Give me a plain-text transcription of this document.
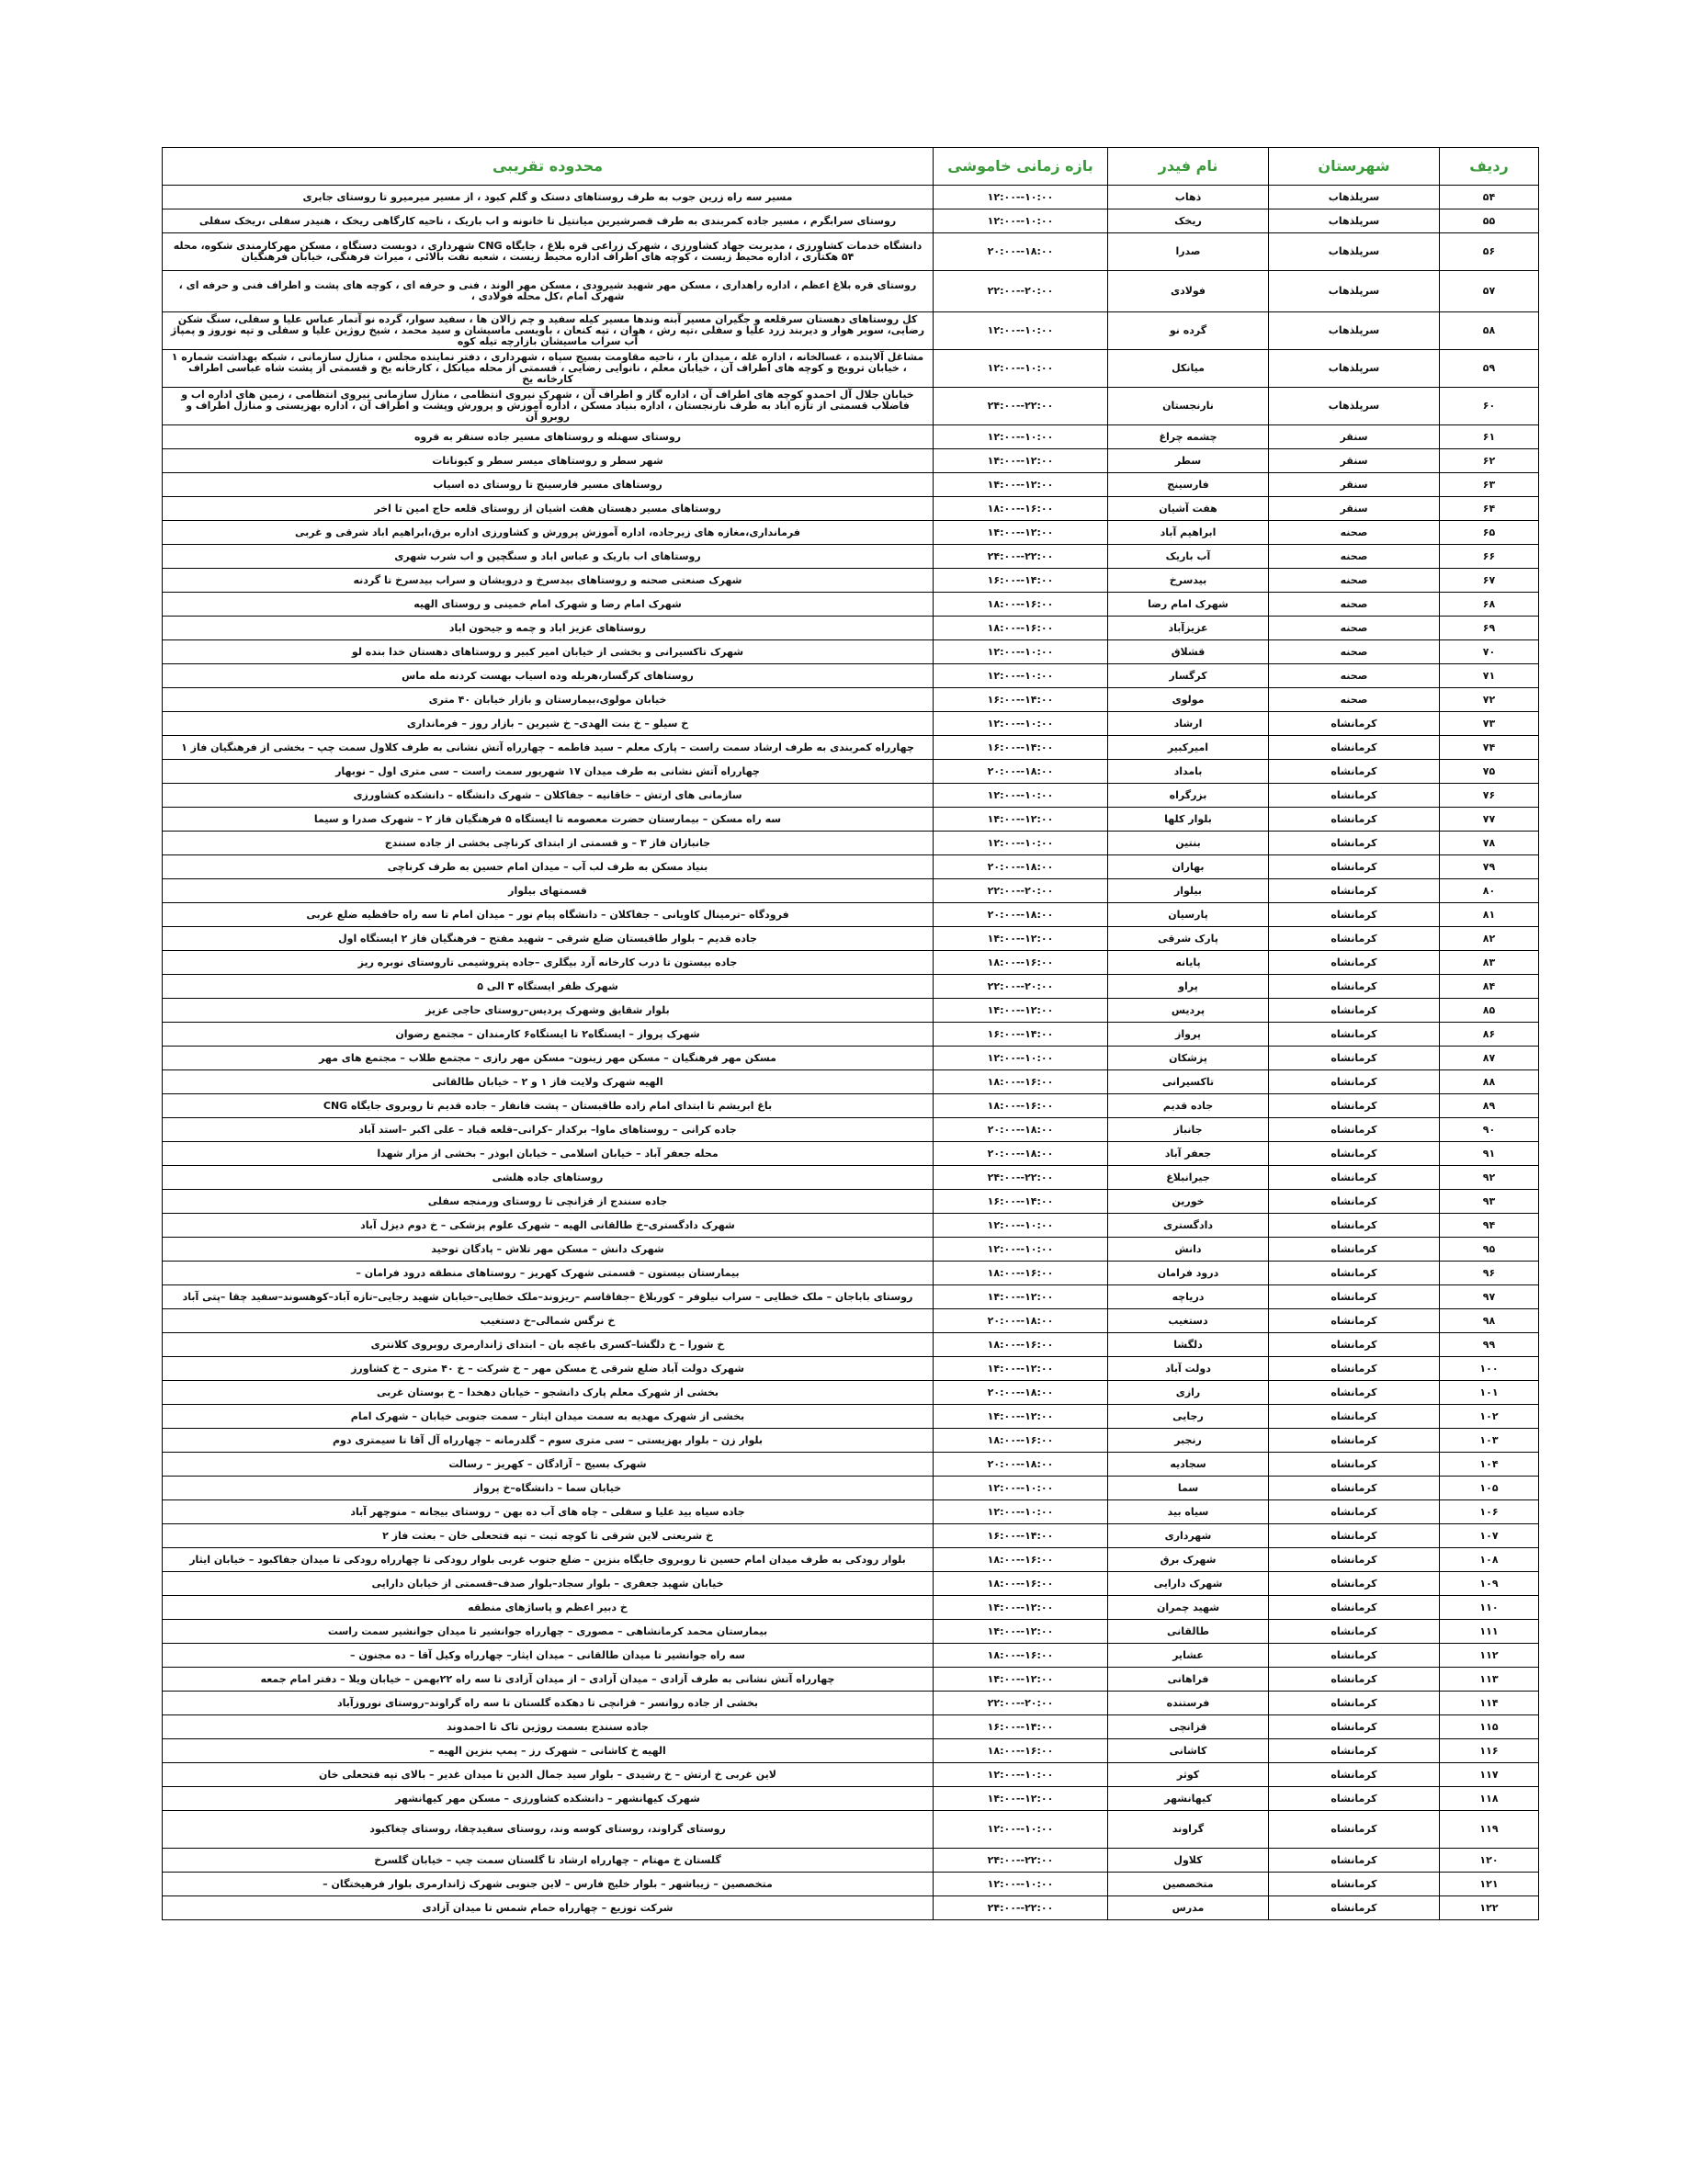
ردیف	شهرستان	نام فیدر	بازه زمانی خاموشی	محدوده تقریبی
۵۴	سرپلذهاب	ذهاب	۱۰:۰۰--۱۲:۰۰	مسیر سه راه زرین جوب به طرف روستاهای دستک و گلم کبود ، از مسیر میرمیرو تا روستای جابری
۵۵	سرپلذهاب	ریخک	۱۰:۰۰--۱۲:۰۰	روستای سرابگرم ، مسیر جاده کمربندی به طرف قصرشیرین میانتیل تا خانونه و اب باریک ، ناحیه کارگاهی ریخک ، هنیدر سفلی ،ریخک سفلی
۵۶	سرپلذهاب	صدرا	۱۸:۰۰--۲۰:۰۰	دانشگاه خدمات کشاورزی ، مدیریت جهاد کشاورزی ، شهرک زراعی قره بلاغ ، جایگاه CNG شهرداری ، دوبست دستگاه ، مسکن مهرکارمندی شکوه، محله ۵۴ هکتاری ، اداره محیط زیست ، کوچه های اطراف اداره محیط زیست ، شعبه نفت بالائی ، میراث فرهنگی، خیابان فرهنگیان
۵۷	سرپلذهاب	فولادی	۲۰:۰۰--۲۲:۰۰	روستای قره بلاغ اعظم ، اداره راهداری ، مسکن مهر شهید شیرودی ، مسکن مهر الوند ، فنی و حرفه ای ، کوچه های پشت و اطراف فنی و حرفه ای ، شهرک امام ،کل محله فولادی ،
۵۸	سرپلذهاب	گرده نو	۱۰:۰۰--۱۲:۰۰	کل روستاهای دهستان سرقلعه و جگیران مسیر آبنه وندها مسیر کیله سفید و چم زالان ها ، سفید سوار، گرده نو آتمار عباس علیا و سفلی، سنگ شکن رضایی، سوبر هوار و دیربند زرد علیا و سفلی ،تپه رش ، هوان ، تپه کنعان ، باویسی ماسیشان و سید محمد ، شیخ روژین علیا و سفلی و تپه نوروز و پمپاژ آب سراب ماسیشان بازارچه تیله کوه
۵۹	سرپلذهاب	میانکل	۱۰:۰۰--۱۲:۰۰	مشاغل آلاینده ، غسالخانه ، اداره غله ، میدان بار ، ناحیه مقاومت بسیج سپاه ، شهرداری ، دفتر نماینده مجلس ، منازل سازمانی ، شبکه بهداشت شماره ۱ ، خیابان ترویج و کوچه های اطراف آن ، خیابان معلم ، نانوایی رضایی ، قسمتی از محله میانکل ، کارخانه یخ و قسمتی از پشت شاه عباسی اطراف کارخانه یخ
۶۰	سرپلذهاب	نارنجستان	۲۲:۰۰--۲۴:۰۰	خیابان جلال آل احمدو کوچه های اطراف آن ، اداره گاز و اطراف آن ، شهرک نیروی انتظامی ، منازل سازمانی نیروی انتظامی ، زمین های اداره اب و فاضلاب قسمتی از تازه اباد به طرف نارنجستان ، اداره بنیاد مسکن ، اداره آموزش و پرورش وپشت و اطراف آن ، اداره بهزیستی و منازل اطراف و روبرو آن
۶۱	سنقر	چشمه چراغ	۱۰:۰۰--۱۲:۰۰	روستای سهنله و روستاهای مسیر جاده سنقر به قروه
۶۲	سنقر	سطر	۱۲:۰۰--۱۴:۰۰	شهر سطر و روستاهای میسر سطر و کیونانات
۶۳	سنقر	فارسینج	۱۲:۰۰--۱۴:۰۰	روستاهای مسیر فارسینج تا روستای ده اسیاب
۶۴	سنقر	هفت آشیان	۱۶:۰۰--۱۸:۰۰	روستاهای مسیر دهستان هفت اشیان از روستای قلعه حاج امین تا اخر
۶۵	صحنه	ابراهیم آباد	۱۲:۰۰--۱۴:۰۰	فرمانداری،مغازه های زیرجاده، اداره آموزش پرورش و کشاورزی اداره برق،ابراهیم اباد شرقی و غربی
۶۶	صحنه	آب باریک	۲۲:۰۰--۲۴:۰۰	روستاهای اب باریک و عباس اباد و سنگچین و اب شرب شهری
۶۷	صحنه	بیدسرخ	۱۴:۰۰--۱۶:۰۰	شهرک صنعتی صحنه و روستاهای بیدسرخ و درویشان و سراب بیدسرخ تا گردنه
۶۸	صحنه	شهرک امام رضا	۱۶:۰۰--۱۸:۰۰	شهرک امام رضا و شهرک امام خمینی و روستای الهیه
۶۹	صحنه	عزیزآباد	۱۶:۰۰--۱۸:۰۰	روستاهای عزیز اباد و چمه و جیحون اباد
۷۰	صحنه	قشلاق	۱۰:۰۰--۱۲:۰۰	شهرک تاکسیرانی و بخشی از خیابان امیر کبیر و روستاهای دهستان خدا بنده لو
۷۱	صحنه	کرگسار	۱۰:۰۰--۱۲:۰۰	روستاهای کرگسار،هربله وده اسیاب بهست کردنه مله ماس
۷۲	صحنه	مولوی	۱۴:۰۰--۱۶:۰۰	خیابان مولوی،بیمارستان و بازار خیابان ۴۰ متری
۷۳	کرمانشاه	ارشاد	۱۰:۰۰--۱۲:۰۰	خ سیلو – خ بنت الهدی– خ شیرین – بازار روز – فرمانداری
۷۴	کرمانشاه	امیرکبیر	۱۴:۰۰--۱۶:۰۰	چهارراه کمربندی به طرف ارشاد سمت راست – پارک معلم – سید فاطمه – چهارراه آتش نشانی به طرف کلاول سمت چپ – بخشی از فرهنگیان فاز ۱
۷۵	کرمانشاه	بامداد	۱۸:۰۰--۲۰:۰۰	چهارراه آتش نشانی به طرف میدان ۱۷ شهریور سمت راست – سی متری اول – نوبهار
۷۶	کرمانشاه	بزرگراه	۱۰:۰۰--۱۲:۰۰	سازمانی های ارتش – خاقانیه – جفاکلان – شهرک دانشگاه – دانشکده کشاورزی
۷۷	کرمانشاه	بلوار کلها	۱۲:۰۰--۱۴:۰۰	سه راه مسکن – بیمارستان حضرت معصومه تا ایستگاه ۵ فرهنگیان فاز ۲ – شهرک صدرا و سیما
۷۸	کرمانشاه	بنتین	۱۰:۰۰--۱۲:۰۰	جانبازان فاز ۳ – و قسمتی از ابتدای کرناچی بخشی از جاده سنندج
۷۹	کرمانشاه	بهاران	۱۸:۰۰--۲۰:۰۰	بنیاد مسکن به طرف لب آب – میدان امام حسین به طرف کرناچی
۸۰	کرمانشاه	بیلوار	۲۰:۰۰--۲۲:۰۰	قسمتهای بیلوار
۸۱	کرمانشاه	پارسیان	۱۸:۰۰--۲۰:۰۰	فرودگاه –ترمینال کاویانی – جفاکلان – دانشگاه پیام نور – میدان امام تا سه راه حافظیه ضلع غربی
۸۲	کرمانشاه	پارک شرقی	۱۲:۰۰--۱۴:۰۰	جاده قدیم – بلوار طاقبستان ضلع شرقی – شهید مفتح – فرهنگیان فاز ۲ ایستگاه اول
۸۳	کرمانشاه	پایانه	۱۶:۰۰--۱۸:۰۰	جاده بیستون تا درب کارخانه آرد بیگلری –جاده پتروشیمی تاروستای نوبره ریز
۸۴	کرمانشاه	پراو	۲۰:۰۰--۲۲:۰۰	شهرک ظفر ایستگاه ۳ الی ۵
۸۵	کرمانشاه	پردیس	۱۲:۰۰--۱۴:۰۰	بلوار شقایق وشهرک پردیس–روستای حاجی عزیز
۸۶	کرمانشاه	پرواز	۱۴:۰۰--۱۶:۰۰	شهرک پرواز – ایستگاه۲ تا ایستگاه۶ کارمندان – مجتمع رضوان
۸۷	کرمانشاه	پزشکان	۱۰:۰۰--۱۲:۰۰	مسکن مهر فرهنگیان – مسکن مهر زینون– مسکن مهر رازی – مجتمع طلاب – مجتمع های مهر
۸۸	کرمانشاه	تاکسیرانی	۱۶:۰۰--۱۸:۰۰	الهیه شهرک ولایت فاز ۱ و ۲ – خیابان طالقانی
۸۹	کرمانشاه	جاده قدیم	۱۶:۰۰--۱۸:۰۰	باغ ابریشم تا ابتدای امام زاده طاقبستان – پشت فانفار – جاده قدیم تا روبروی جایگاه CNG
۹۰	کرمانشاه	جانباز	۱۸:۰۰--۲۰:۰۰	جاده کرانی – روستاهای ماوا– برکدار –کرانی–قلعه قباد – علی اکبر –استد آباد
۹۱	کرمانشاه	جعفر آباد	۱۸:۰۰--۲۰:۰۰	محله جعفر آباد – خیابان اسلامی – خیابان ابوذر – بخشی از مزار شهدا
۹۲	کرمانشاه	جیرانبلاغ	۲۲:۰۰--۲۴:۰۰	روستاهای جاده هلشی
۹۳	کرمانشاه	خورین	۱۴:۰۰--۱۶:۰۰	جاده سنندج از قزانچی تا روستای ورمنجه سفلی
۹۴	کرمانشاه	دادگستری	۱۰:۰۰--۱۲:۰۰	شهرک دادگستری–خ طالقانی الهیه – شهرک علوم پزشکی – خ دوم دیزل آباد
۹۵	کرمانشاه	دانش	۱۰:۰۰--۱۲:۰۰	شهرک دانش – مسکن مهر تلاش – پادگان توحید
۹۶	کرمانشاه	درود فرامان	۱۶:۰۰--۱۸:۰۰	بیمارستان بیستون – قسمتی شهرک کهریز – روستاهای منطقه درود فرامان –
۹۷	کرمانشاه	دریاچه	۱۲:۰۰--۱۴:۰۰	روستای باباجان – ملک خطایی – سراب نیلوفر – کوربلاغ –جفاقاسم –ریزوند–ملک خطایی–خیابان شهید رجایی–تازه آباد–کوهسوند–سفید چقا –پتی آباد
۹۸	کرمانشاه	دستغیب	۱۸:۰۰--۲۰:۰۰	خ نرگس شمالی–خ دستغیب
۹۹	کرمانشاه	دلگشا	۱۶:۰۰--۱۸:۰۰	خ شورا – خ دلگشا–کسری باغچه بان – ابتدای ژاندارمری روبروی کلانتری
۱۰۰	کرمانشاه	دولت آباد	۱۲:۰۰--۱۴:۰۰	شهرک دولت آباد ضلع شرقی خ مسکن مهر – خ شرکت – خ ۴۰ متری – خ کشاورز
۱۰۱	کرمانشاه	رازی	۱۸:۰۰--۲۰:۰۰	بخشی از شهرک معلم پارک دانشجو – خیابان دهخدا – خ بوستان غربی
۱۰۲	کرمانشاه	رجایی	۱۲:۰۰--۱۴:۰۰	بخشی از شهرک مهدیه به سمت میدان ایثار – سمت جنوبی خیابان – شهرک امام
۱۰۳	کرمانشاه	رنجبر	۱۶:۰۰--۱۸:۰۰	بلوار زن – بلوار بهزیستی – سی متری سوم – گلدرمانه – چهارراه آل آقا تا سیمتری دوم
۱۰۴	کرمانشاه	سجادیه	۱۸:۰۰--۲۰:۰۰	شهرک بسیج – آزادگان – کهریز – رسالت
۱۰۵	کرمانشاه	سما	۱۰:۰۰--۱۲:۰۰	خیابان سما – دانشگاه–خ پرواز
۱۰۶	کرمانشاه	سیاه بید	۱۰:۰۰--۱۲:۰۰	جاده سیاه بید علیا و سفلی – چاه های آب ده بهن – روستای بیجانه – منوچهر آباد
۱۰۷	کرمانشاه	شهرداری	۱۴:۰۰--۱۶:۰۰	خ شریعتی لاین شرقی تا کوچه ثبت – تپه فتحعلی خان – بعثت فاز ۲
۱۰۸	کرمانشاه	شهرک برق	۱۶:۰۰--۱۸:۰۰	بلوار رودکی به طرف میدان امام حسین تا روبروی جایگاه بنزین – ضلع جنوب غربی بلوار رودکی تا چهارراه رودکی تا میدان جفاکبود – خیابان ایثار
۱۰۹	کرمانشاه	شهرک دارایی	۱۶:۰۰--۱۸:۰۰	خیابان شهید جعفری – بلوار سجاد–بلوار صدف–قسمتی از خیابان دارایی
۱۱۰	کرمانشاه	شهید چمران	۱۲:۰۰--۱۴:۰۰	خ دبیر اعظم و پاساژهای منطقه
۱۱۱	کرمانشاه	طالقانی	۱۲:۰۰--۱۴:۰۰	بیمارستان محمد کرمانشاهی – مصوری – چهارراه جوانشیر تا میدان جوانشیر سمت راست
۱۱۲	کرمانشاه	عشایر	۱۶:۰۰--۱۸:۰۰	سه راه جوانشیر تا میدان طالقانی – میدان ایثار– چهارراه وکیل آقا – ده مجنون –
۱۱۳	کرمانشاه	فراهانی	۱۲:۰۰--۱۴:۰۰	چهارراه آتش نشانی به طرف آزادی – میدان آزادی – از میدان آزادی تا سه راه ۲۲بهمن – خیابان ویلا – دفتر امام جمعه
۱۱۴	کرمانشاه	فرستنده	۲۰:۰۰--۲۲:۰۰	بخشی از جاده روانسر – قزانچی تا دهکده گلستان تا سه راه گراوند–روستای نوروزآباد
۱۱۵	کرمانشاه	قزانچی	۱۴:۰۰--۱۶:۰۰	جاده سنندج بسمت روژین تاک تا احمدوند
۱۱۶	کرمانشاه	کاشانی	۱۶:۰۰--۱۸:۰۰	الهیه خ کاشانی – شهرک رز – پمپ بنزین الهیه –
۱۱۷	کرمانشاه	کوثر	۱۰:۰۰--۱۲:۰۰	لاین غربی خ ارتش – خ رشیدی – بلوار سید جمال الدین تا میدان غدیر – بالای تپه فتحعلی خان
۱۱۸	کرمانشاه	کیهانشهر	۱۲:۰۰--۱۴:۰۰	شهرک کیهانشهر – دانشکده کشاورزی – مسکن مهر کیهانشهر
۱۱۹	کرمانشاه	گراوند	۱۰:۰۰--۱۲:۰۰	روستای گراوند، روستای کوسه وند، روستای سفیدچقا، روستای چغاکبود
۱۲۰	کرمانشاه	کلاول	۲۲:۰۰--۲۴:۰۰	گلستان خ مهتام – چهارراه ارشاد تا گلستان سمت چپ – خیابان گلسرخ
۱۲۱	کرمانشاه	متخصصین	۱۰:۰۰--۱۲:۰۰	متخصصین – زیباشهر – بلوار خلیج فارس – لاین جنوبی شهرک ژاندارمری بلوار فرهیختگان –
۱۲۲	کرمانشاه	مدرس	۲۲:۰۰--۲۴:۰۰	شرکت توزیع – چهارراه حمام شمس تا میدان آزادی
